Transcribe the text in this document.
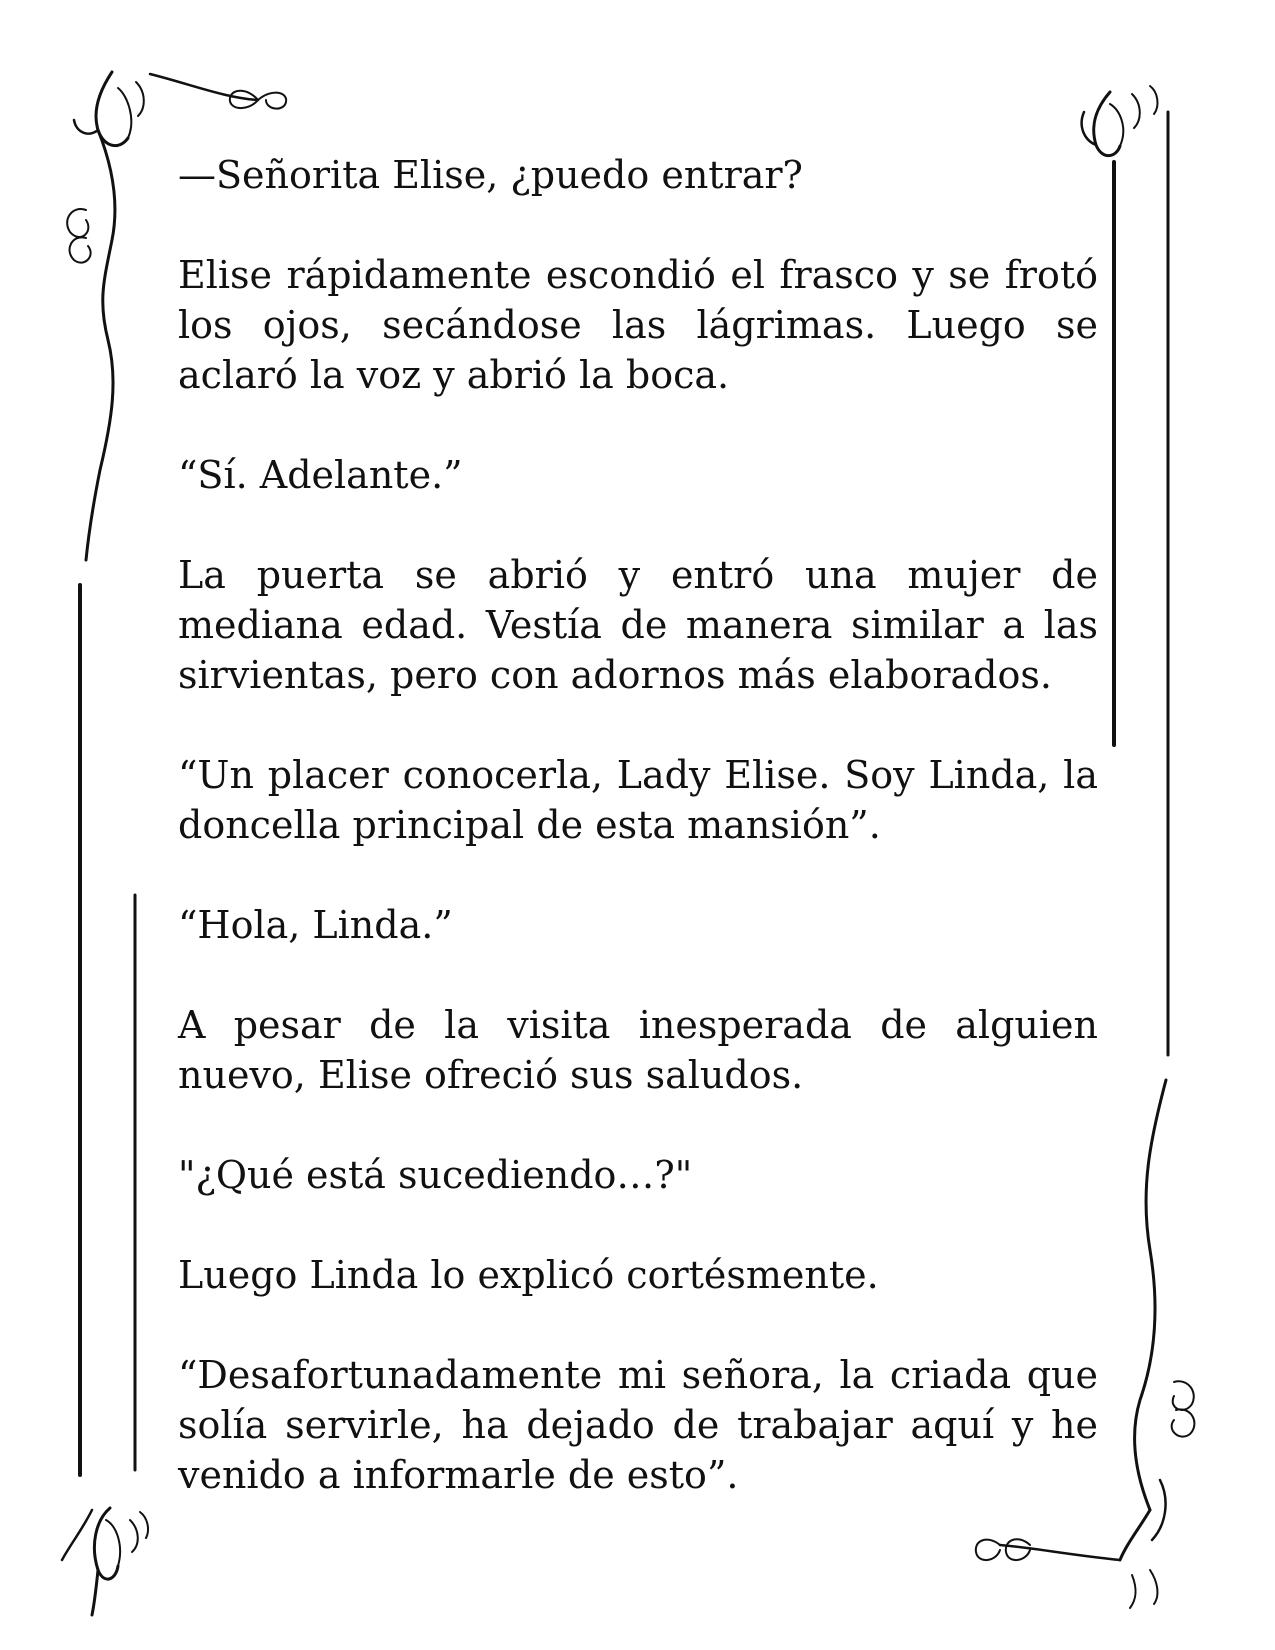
—Señorita Elise, ¿puedo entrar?

Elise rápidamente escondió el frasco y se frotó los ojos, secándose las lágrimas. Luego se aclaró la voz y abrió la boca.

“Sí. Adelante.”

La puerta se abrió y entró una mujer de mediana edad. Vestía de manera similar a las sirvientas, pero con adornos más elaborados.

“Un placer conocerla, Lady Elise. Soy Linda, la doncella principal de esta mansión”.

“Hola, Linda.”

A pesar de la visita inesperada de alguien nuevo, Elise ofreció sus saludos.

"¿Qué está sucediendo…?"

Luego Linda lo explicó cortésmente.

“Desafortunadamente mi señora, la criada que solía servirle, ha dejado de trabajar aquí y he venido a informarle de esto”.
